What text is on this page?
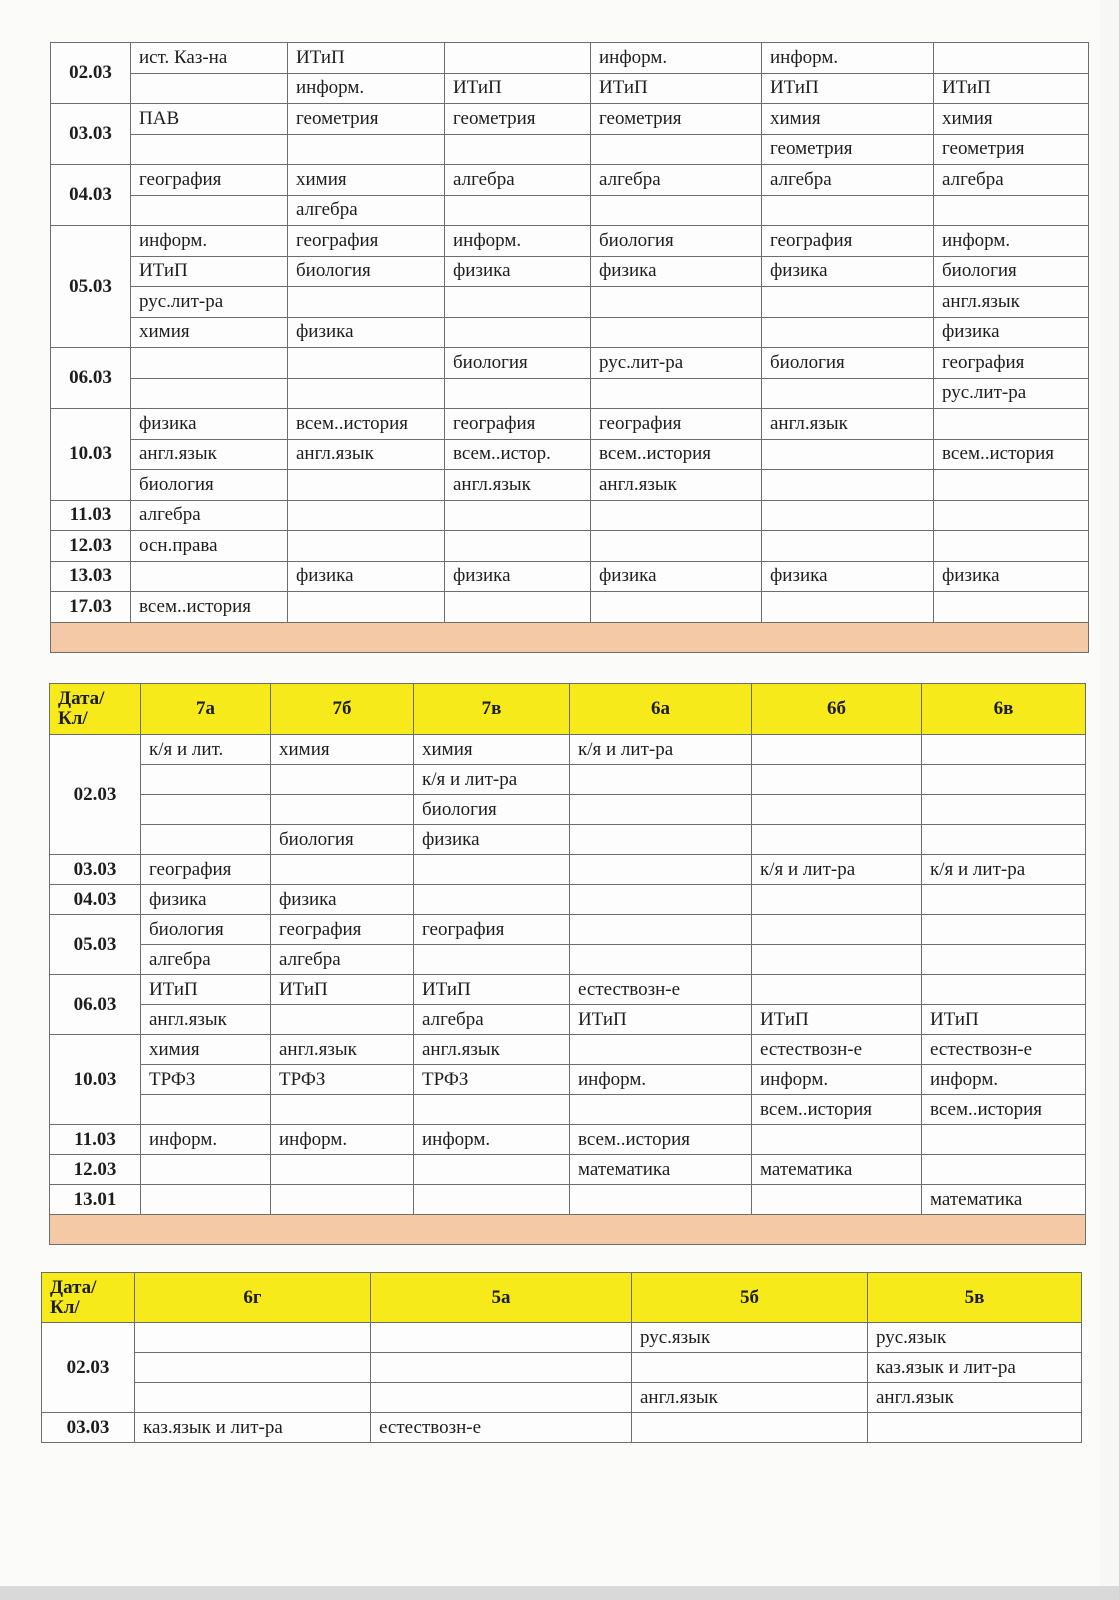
02.03	ист. Каз-на	ИТиП		информ.	информ.	
		информ.	ИТиП	ИТиП	ИТиП	ИТиП
03.03	ПАВ	геометрия	геометрия	геометрия	химия	химия
					геометрия	геометрия
04.03	география	химия	алгебра	алгебра	алгебра	алгебра
		алгебра				
05.03	информ.	география	информ.	биология	география	информ.
	ИТиП	биология	физика	физика	физика	биология
	рус.лит-ра					англ.язык
	химия	физика				физика
06.03			биология	рус.лит-ра	биология	география
						рус.лит-ра
10.03	физика	всем..история	география	география	англ.язык	
	англ.язык	англ.язык	всем..истор.	всем..история		всем..история
	биология		англ.язык	англ.язык		
11.03	алгебра					
12.03	осн.права					
13.03		физика	физика	физика	физика	физика
17.03	всем..история					

Дата/
Кл/	7а	7б	7в	6а	6б	6в
02.03	к/я и лит.	химия	химия	к/я и лит-ра		
			к/я и лит-ра			
			биология			
		биология	физика			
03.03	география				к/я и лит-ра	к/я и лит-ра
04.03	физика	физика				
05.03	биология	география	география			
	алгебра	алгебра				
06.03	ИТиП	ИТиП	ИТиП	естествозн-е		
	англ.язык		алгебра	ИТиП	ИТиП	ИТиП
10.03	химия	англ.язык	англ.язык		естествозн-е	естествозн-е
	ТРФЗ	ТРФЗ	ТРФЗ	информ.	информ.	информ.
					всем..история	всем..история
11.03	информ.	информ.	информ.	всем..история		
12.03				математика	математика	
13.01						математика

Дата/
Кл/	6г	5а	5б	5в
02.03			рус.язык	рус.язык
				каз.язык и лит-ра
			англ.язык	англ.язык
03.03	каз.язык и лит-ра	естествозн-е		
